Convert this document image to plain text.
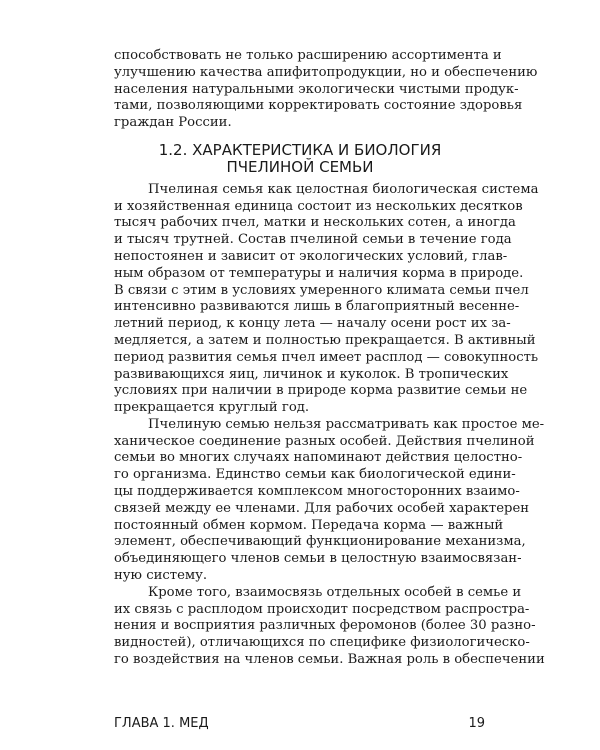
способствовать не только расширению ассортимента и
улучшению качества апифитопродукции, но и обеспечению
населения натуральными экологически чистыми продук-
тами, позволяющими корректировать состояние здоровья
граждан России.
1.2. ХАРАКТЕРИСТИКА И БИОЛОГИЯ
ПЧЕЛИНОЙ СЕМЬИ
Пчелиная семья как целостная биологическая система
и хозяйственная единица состоит из нескольких десятков
тысяч рабочих пчел, матки и нескольких сотен, а иногда
и тысяч трутней. Состав пчелиной семьи в течение года
непостоянен и зависит от экологических условий, глав-
ным образом от температуры и наличия корма в природе.
В связи с этим в условиях умеренного климата семьи пчел
интенсивно развиваются лишь в благоприятный весенне-
летний период, к концу лета — началу осени рост их за-
медляется, а затем и полностью прекращается. В активный
период развития семья пчел имеет расплод — совокупность
развивающихся яиц, личинок и куколок. В тропических
условиях при наличии в природе корма развитие семьи не
прекращается круглый год.
Пчелиную семью нельзя рассматривать как простое ме-
ханическое соединение разных особей. Действия пчелиной
семьи во многих случаях напоминают действия целостно-
го организма. Единство семьи как биологической едини-
цы поддерживается комплексом многосторонних взаимо-
связей между ее членами. Для рабочих особей характерен
постоянный обмен кормом. Передача корма — важный
элемент, обеспечивающий функционирование механизма,
объединяющего членов семьи в целостную взаимосвязан-
ную систему.
Кроме того, взаимосвязь отдельных особей в семье и
их связь с расплодом происходит посредством распростра-
нения и восприятия различных феромонов (более 30 разно-
видностей), отличающихся по специфике физиологическо-
го воздействия на членов семьи. Важная роль в обеспечении
ГЛАВА 1. МЕД	19
